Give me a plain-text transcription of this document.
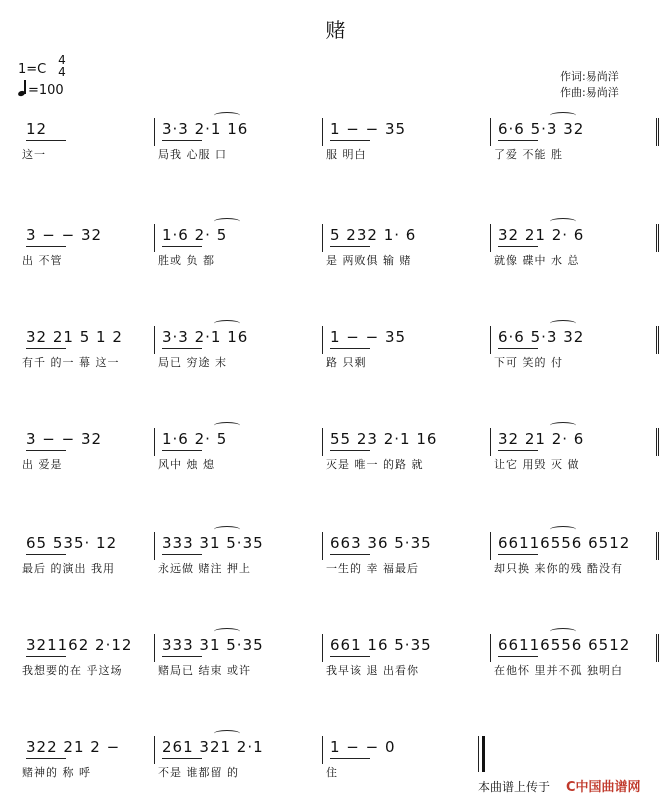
赌
1=C
4
4
=100
作词:易尚洋
作曲:易尚洋
12
这一
3·3 2·1 16
局我 心服 口
1 − − 35
服 明白
6·6 5·3 32
了爱 不能 胜
3 − − 32
出 不管
1·6 2· 5
胜或 负 都
5 232 1· 6
是 两败俱 输 赌
32 21 2· 6
就像 碟中 水 总
32 21 5 1 2
有千 的一 幕 这一
3·3 2·1 16
局已 穷途 末
1 − − 35
路 只剩
6·6 5·3 32
下可 笑的 付
3 − − 32
出 爱是
1·6 2· 5
风中 烛 熄
55 23 2·1 16
灭是 唯一 的路 就
32 21 2· 6
让它 用毁 灭 做
65 535· 12
最后 的演出 我用
333 31 5·35
永远做 赌注 押上
663 36 5·35
一生的 幸 福最后
66116556 6512
却只换 来你的残 酷没有
321162 2·12
我想要的在 乎这场
333 31 5·35
赌局已 结束 或许
661 16 5·35
我早该 退 出看你
66116556 6512
在他怀 里并不孤 独明白
322 21 2 −
赌神的 称 呼
261 321 2·1
不是 谁都留 的
1 − − 0
住
本曲谱上传于 C中国曲谱网
